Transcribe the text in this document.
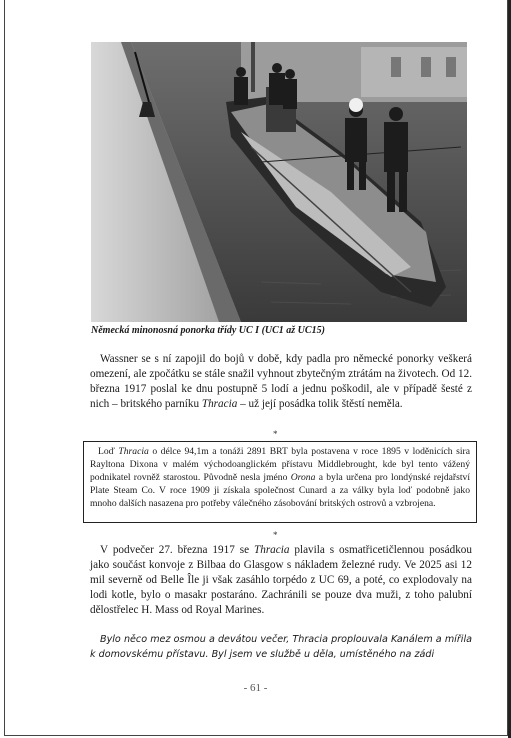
Německá minonosná ponorka třídy UC I (UC1 až UC15)
Wassner se s ní zapojil do bojů v době, kdy padla pro německé ponorky veškerá omezení, ale zpočátku se stále snažil vyhnout zbytečným ztrátám na životech. Od 12. března 1917 poslal ke dnu postupně 5 lodí a jednu poškodil, ale v případě šesté z nich – britského parníku Thracia – už její posádka tolik štěstí neměla.
*
Loď Thracia o délce 94,1m a tonáži 2891 BRT byla postavena v roce 1895 v loděnicích sira Rayltona Dixona v malém východoanglickém přístavu Middlebrought, kde byl tento vážený podnikatel rovněž starostou. Původně nesla jméno Orona a byla určena pro londýnské rejdařství Plate Steam Co. V roce 1909 ji získala společnost Cunard a za války byla loď podobně jako mnoho dalších nasazena pro potřeby válečného zásobování britských ostrovů a vzbrojena.
*
V podvečer 27. března 1917 se Thracia plavila s osmatřicetičlennou posádkou jako součást konvoje z Bilbaa do Glasgow s nákladem železné rudy. Ve 2025 asi 12 mil severně od Belle Île ji však zasáhlo torpédo z UC 69, a poté, co explodovaly na lodi kotle, bylo o masakr postaráno. Zachránili se pouze dva muži, z toho palubní dělostřelec H. Mass od Royal Marines.
Bylo něco mez osmou a devátou večer, Thracia proplouvala Kanálem a mířila k domovskému přístavu. Byl jsem ve službě u děla, umístěného na zádi
- 61 -
